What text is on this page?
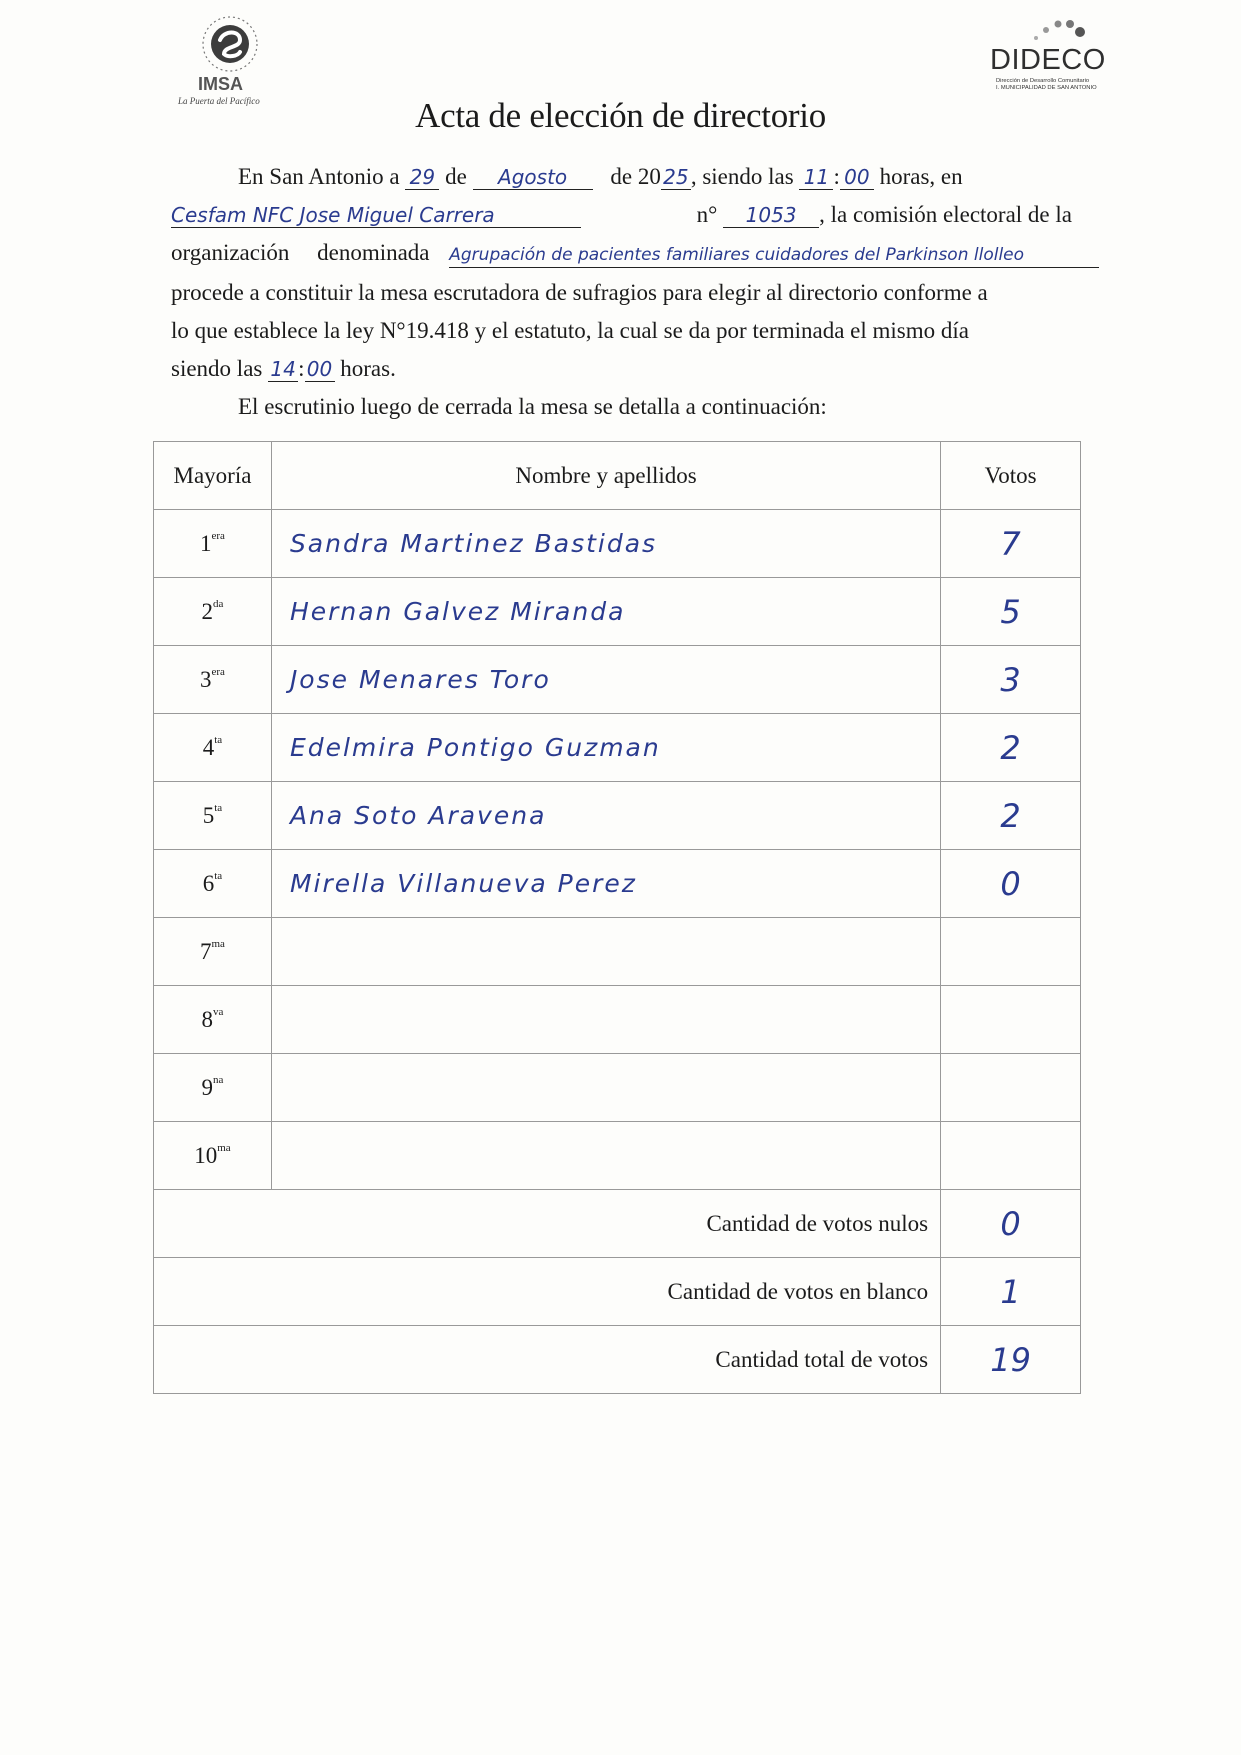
IMSA
La Puerta del Pacífico
DIDECO
Dirección de Desarrollo Comunitario
I. MUNICIPALIDAD DE SAN ANTONIO
Acta de elección de directorio
En San Antonio a 29 de Agosto de 20 25, siendo las 11 : 00 horas, en
Cesfam NFC Jose Miguel Carrera	n° 1053 , la comisión electoral de la
organización denominada Agrupación de pacientes familiares cuidadores del Parkinson llolleo
procede a constituir la mesa escrutadora de sufragios para elegir al directorio conforme a
lo que establece la ley N°19.418 y el estatuto, la cual se da por terminada el mismo día
siendo las 14: 00 horas.
El escrutinio luego de cerrada la mesa se detalla a continuación:
Mayoría	Nombre y apellidos	Votos
$1^{era}$	Sandra Martinez Bastidas	7
$2^{da}$	Hernan Galvez Miranda	5
$3^{era}$	Jose Menares Toro	3
$4^{ta}$	Edelmira Pontigo Guzman	2
$5^{ta}$	Ana Soto Aravena	2
$6^{ta}$	Mirella Villanueva Perez	0
$7^{ma}$		
$8^{va}$		
$9^{na}$		
$10^{ma}$		
Cantidad de votos nulos		0
Cantidad de votos en blanco		1
Cantidad total de votos		19
